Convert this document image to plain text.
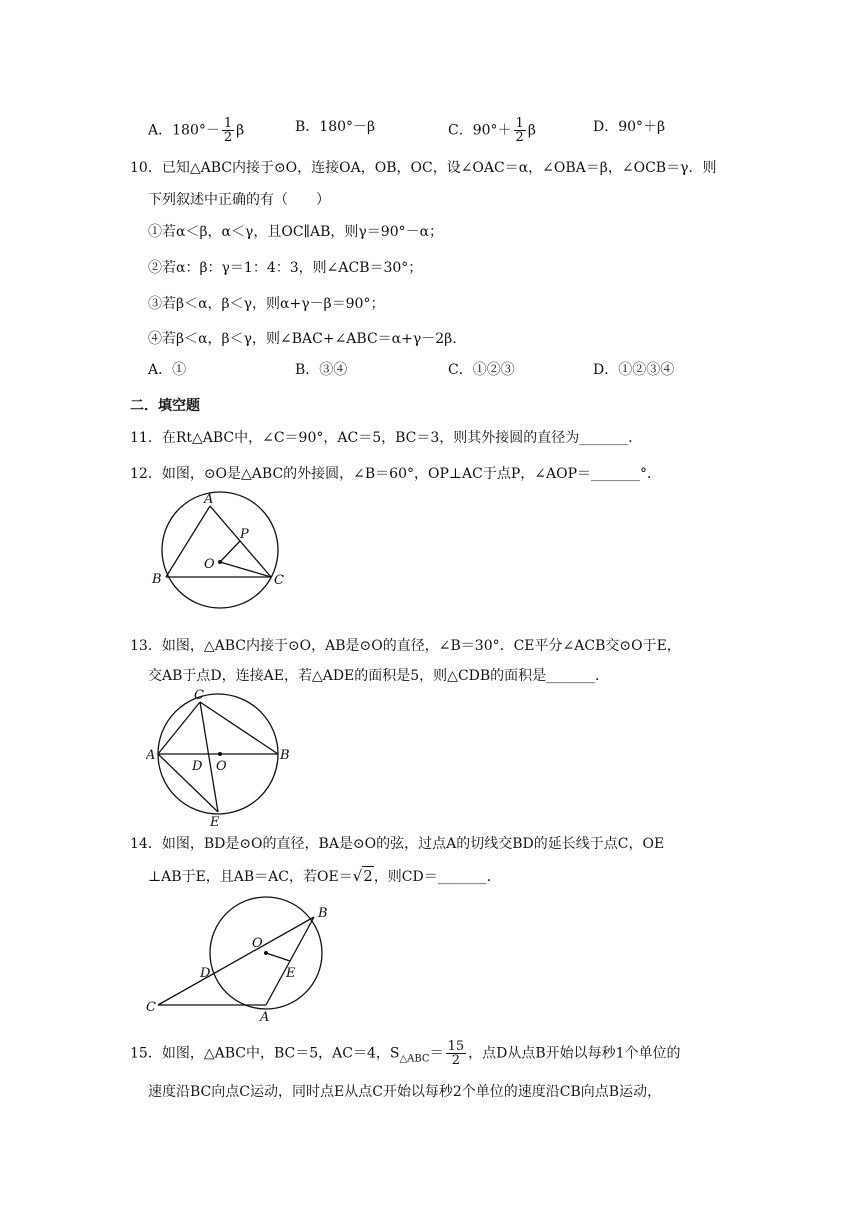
A．$180^\circ- \frac{1}{2}$ β	B．180°－β	C．$90^\circ+ \frac{1}{2}$ β	D．90°＋β
10．已知△ABC内接于⊙O，连接OA，OB，OC，设∠OAC＝α，∠OBA＝β，∠OCB＝γ．则
下列叙述中正确的有（　　）
①若α＜β，α＜γ，且OC∥AB，则γ＝90°－α；
②若α：β：γ＝1：4：3，则∠ACB＝30°；
③若β＜α，β＜γ，则α+γ－β＝90°；
④若β＜α，β＜γ，则∠BAC+∠ABC＝α+γ－2β.
A．①	B．③④	C．①②③	D．①②③④
二．填空题
11．在Rt△ABC中，∠C＝90°，AC＝5，BC＝3，则其外接圆的直径为_______．
12．如图，⊙O是△ABC的外接圆，∠B＝60°，OP⊥AC于点P，∠AOP＝_______°．
A
B	C
O
P
13．如图，△ABC内接于⊙O，AB是⊙O的直径，∠B＝30°．CE平分∠ACB交⊙O于E，
交AB于点D，连接AE，若△ADE的面积是5，则△CDB的面积是_______．
C
A	B
D O
E
14．如图，BD是⊙O的直径，BA是⊙O的弦，过点A的切线交BD的延长线于点C，OE
⊥AB于E，且AB＝AC，若OE＝√2，则CD＝_______．
B
O
E
D
C
A
15．如图，△ABC中，BC＝5，AC＝4，$S_{\triangle ABC}= \frac{15}{2}$ ，点D从点B开始以每秒1个单位的
速度沿BC向点C运动，同时点E从点C开始以每秒2个单位的速度沿CB向点B运动，
